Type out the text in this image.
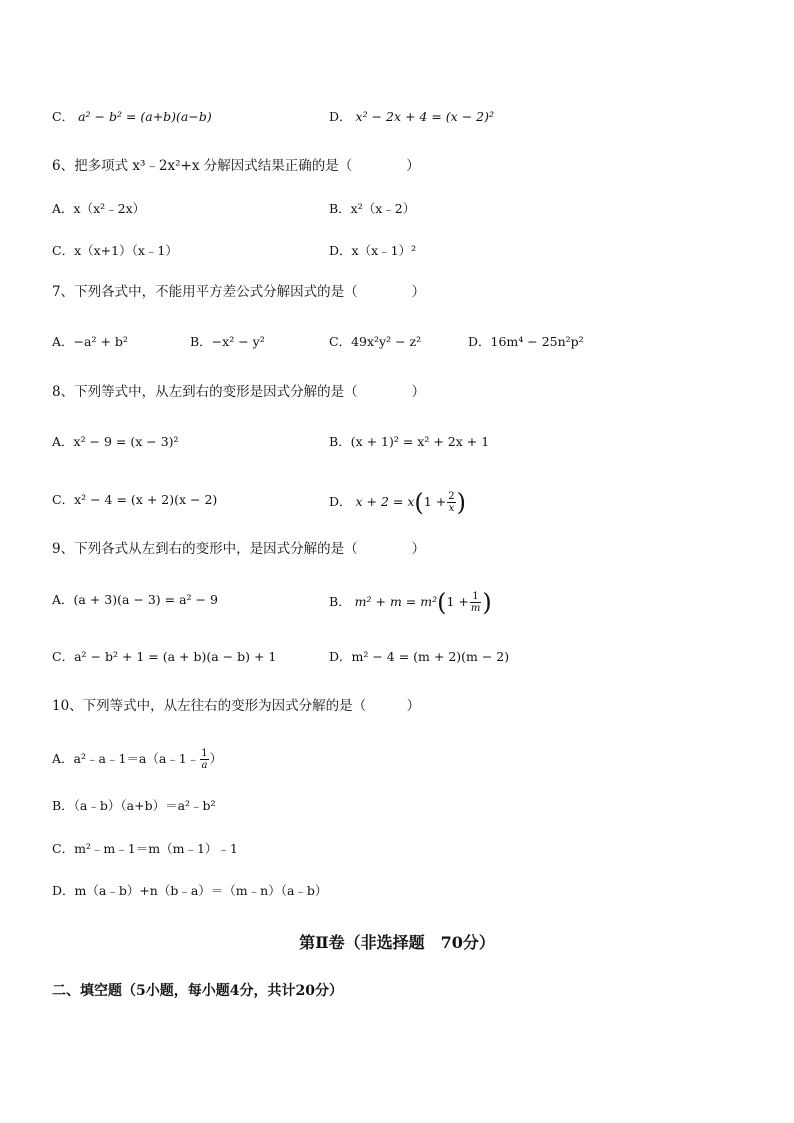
C． a² − b² = (a+b)(a−b)	D． x² − 2x + 4 = (x − 2)²
6、把多项式 x³﹣2x²+x 分解因式结果正确的是（　　　　）
A．x（x²﹣2x）	B．x²（x﹣2）
C．x（x+1）（x﹣1）	D．x（x﹣1）²
7、下列各式中，不能用平方差公式分解因式的是（　　　　）
A．−a² + b²	B．−x² − y²	C．49x²y² − z²	D．16m⁴ − 25n²p²
8、下列等式中，从左到右的变形是因式分解的是（　　　　）
A．x² − 9 = (x − 3)²	B．(x + 1)² = x² + 2x + 1
C．x² − 4 = (x + 2)(x − 2)	D． $x + 2 = x(1 + \frac{2}{x}$ )
9、下列各式从左到右的变形中，是因式分解的是（　　　　）
A．(a + 3)(a − 3) = a² − 9	B． $m^2 + m = m^2(1 + \frac{1}{m}$ )
C．a² − b² + 1 = (a + b)(a − b) + 1	D．m² − 4 = (m + 2)(m − 2)
10、下列等式中，从左往右的变形为因式分解的是（　　　）
A．a²﹣a﹣1＝a（a﹣1﹣ $\frac{1}{a}$ ）
B．（a﹣b）（a+b）＝a²﹣b²
C．m²﹣m﹣1＝m（m﹣1）﹣1
D．m（a﹣b）+n（b﹣a）＝（m﹣n）（a﹣b）
第Ⅱ卷（非选择题　70分）
二、填空题（5小题，每小题4分，共计20分）
